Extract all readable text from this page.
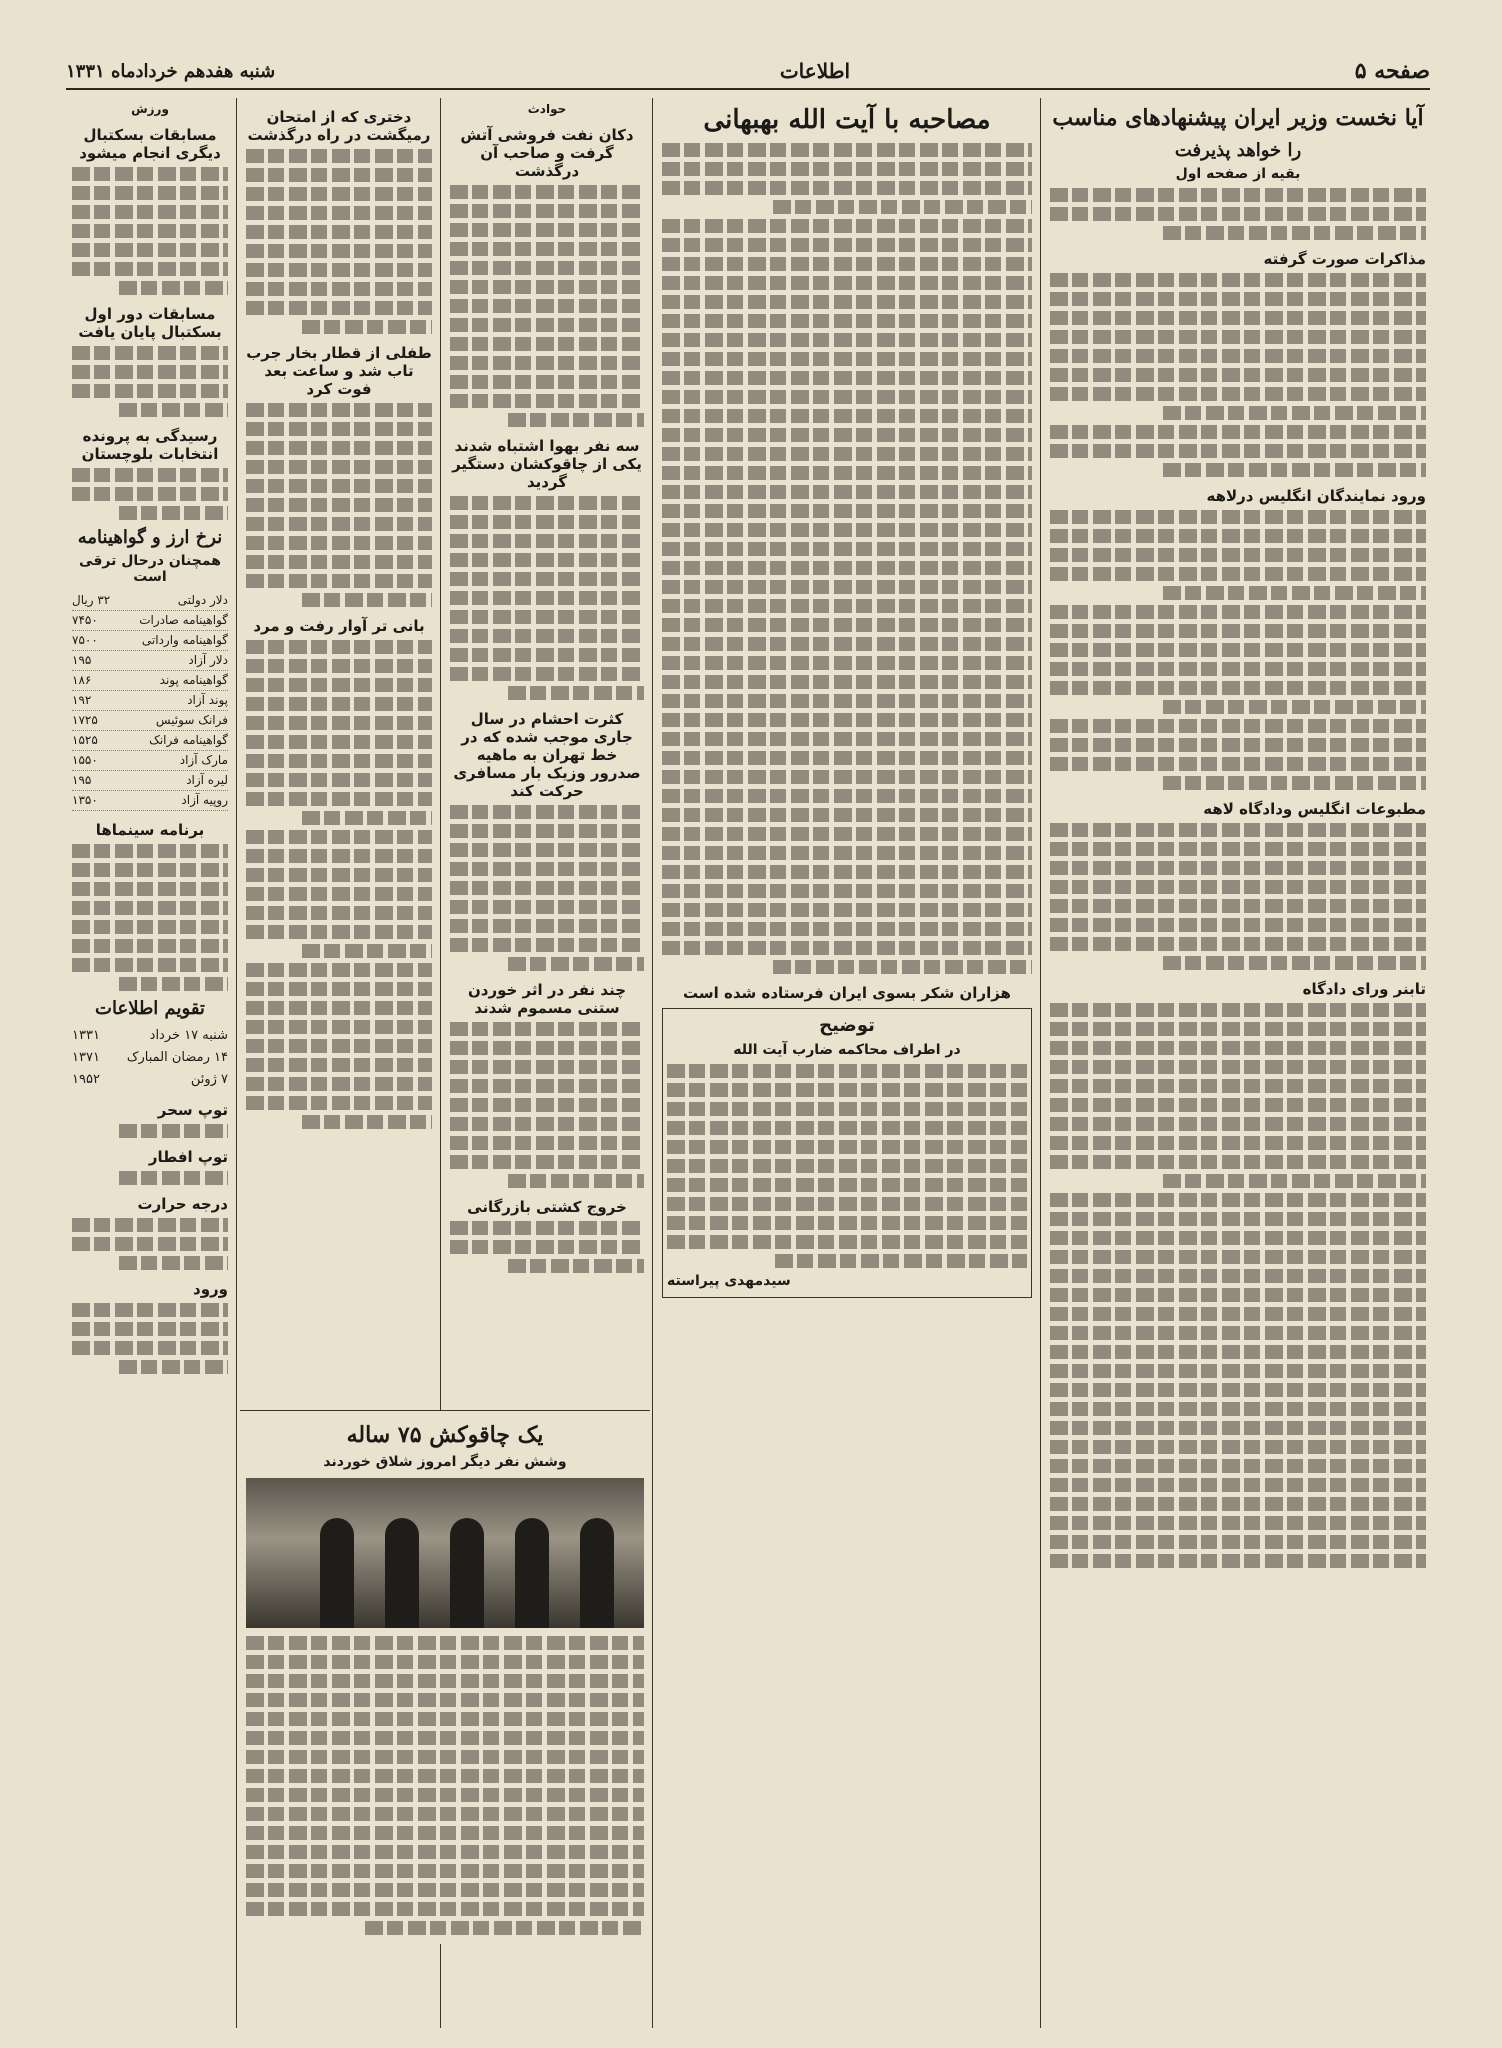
صفحه ۵
اطلاعات
شنبه هفدهم خردادماه ۱۳۳۱
آیا نخست وزیر ایران پیشنهادهای مناسب
را خواهد پذیرفت
بقیه از صفحه اول
مذاکرات صورت گرفته
ورود نمایندگان انگلیس درلاهه
مطبوعات انگلیس ودادگاه لاهه
تابنر ورای دادگاه
مصاحبه با آیت الله بهبهانی
هزاران شکر بسوی ایران فرستاده شده است
توضیح
در اطراف محاکمه ضارب آیت الله
سیدمهدی پیراسته
حوادث
دکان نفت فروشی آتش گرفت و صاحب آن درگذشت
سه نفر بهوا اشتباه شدند یکی از چاقوکشان دستگیر گردید
کثرت احشام در سال جاری موجب شده که در خط تهران به ماهیه صدرور وزیک بار مسافری حرکت کند
چند نفر در اثر خوردن ستنی مسموم شدند
خروج کشتی بازرگانی
دختری که از امتحان رمیگشت در راه درگذشت
طفلی از قطار بخار جرب تاب شد و ساعت بعد فوت کرد
بانی تر آوار رفت و مرد
ورزش
مسابقات بسکتبال دیگری انجام میشود
مسابقات دور اول بسکتبال پایان یافت
رسیدگی به پرونده انتخابات بلوچستان
نرخ ارز و گواهینامه
همچنان درحال ترقی است
دلار دولتی
۳۲ ریال
گواهینامه صادرات
۷۴۵۰
گواهینامه وارداتی
۷۵۰۰
دلار آزاد
۱۹۵
گواهینامه پوند
۱۸۶
پوند آزاد
۱۹۲
فرانک سوئیس
۱۷۲۵
گواهینامه فرانک
۱۵۲۵
مارک آزاد
۱۵۵۰
لیره آزاد
۱۹۵
روپیه آزاد
۱۳۵۰
برنامه سینماها
تقویم اطلاعات
شنبه ۱۷ خرداد
۱۳۳۱
۱۴ رمضان المبارک
۱۳۷۱
۷ ژوئن
۱۹۵۲
توپ سحر
توپ افطار
درجه حرارت
ورود
یک چاقوکش ۷۵ ساله
وشش نفر دیگر امروز شلاق خوردند
